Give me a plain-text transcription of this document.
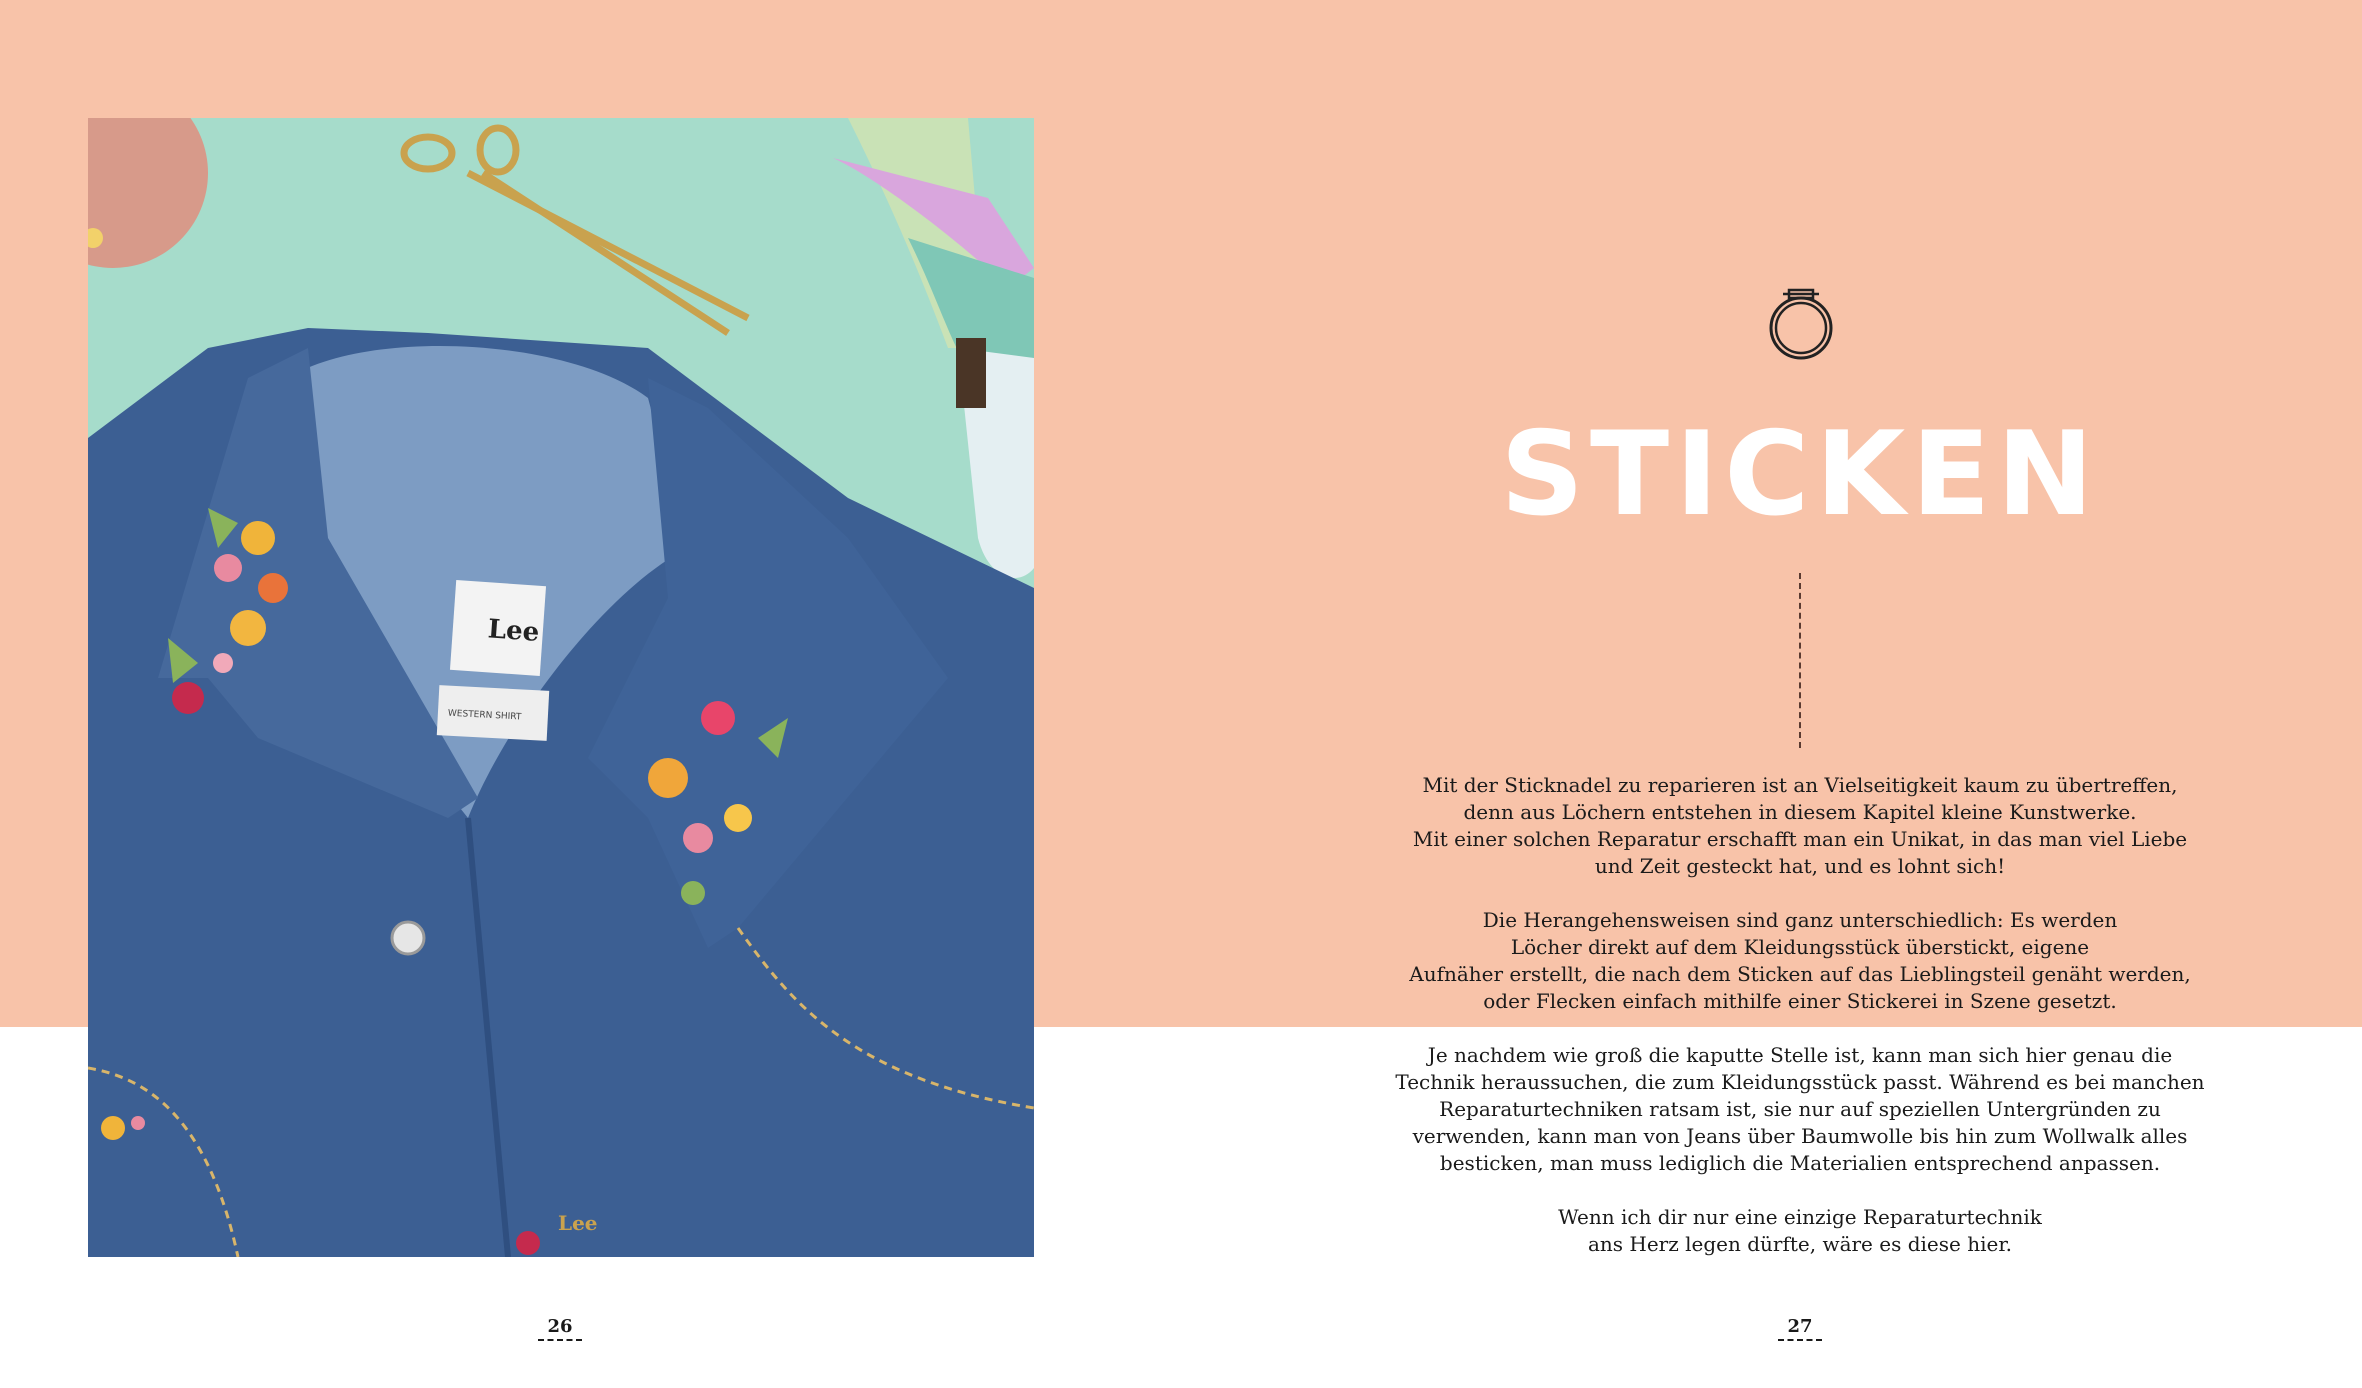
Lee
WESTERN SHIRT
Lee
STICKEN

Mit der Sticknadel zu reparieren ist an Vielseitigkeit kaum zu übertreffen,
denn aus Löchern entstehen in diesem Kapitel kleine Kunstwerke.
Mit einer solchen Reparatur erschafft man ein Unikat, in das man viel Liebe
und Zeit gesteckt hat, und es lohnt sich!

Die Herangehensweisen sind ganz unterschiedlich: Es werden
Löcher direkt auf dem Kleidungsstück überstickt, eigene
Aufnäher erstellt, die nach dem Sticken auf das Lieblingsteil genäht werden,
oder Flecken einfach mithilfe einer Stickerei in Szene gesetzt.

Je nachdem wie groß die kaputte Stelle ist, kann man sich hier genau die
Technik heraussuchen, die zum Kleidungsstück passt. Während es bei manchen
Reparaturtechniken ratsam ist, sie nur auf speziellen Untergründen zu
verwenden, kann man von Jeans über Baumwolle bis hin zum Wollwalk alles
besticken, man muss lediglich die Materialien entsprechend anpassen.

Wenn ich dir nur eine einzige Reparaturtechnik
ans Herz legen dürfte, wäre es diese hier.

26	27
